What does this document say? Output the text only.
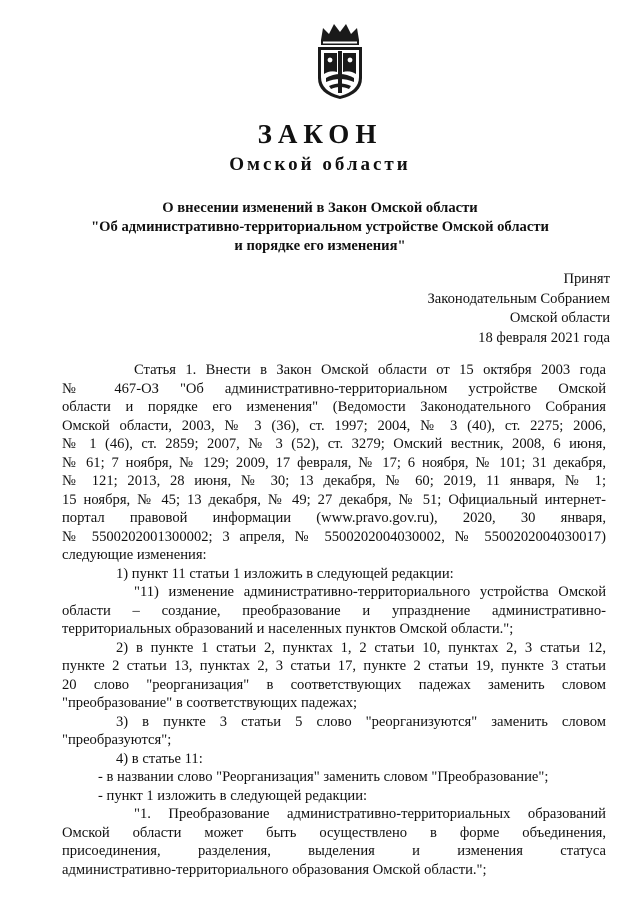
ЗАКОН
Омской области
О внесении изменений в Закон Омской области
"Об административно-территориальном устройстве Омской области
и порядке его изменения"
Принят
Законодательным Собранием
Омской области
18 февраля 2021 года
Статья 1. Внести в Закон Омской области от 15 октября 2003 года
№ 467-ОЗ "Об административно-территориальном устройстве Омской
области и порядке его изменения" (Ведомости Законодательного Собрания
Омской области, 2003, № 3 (36), ст. 1997; 2004, № 3 (40), ст. 2275; 2006,
№ 1 (46), ст. 2859; 2007, № 3 (52), ст. 3279; Омский вестник, 2008, 6 июня,
№ 61; 7 ноября, № 129; 2009, 17 февраля, № 17; 6 ноября, № 101; 31 декабря,
№ 121; 2013, 28 июня, № 30; 13 декабря, № 60; 2019, 11 января, № 1;
15 ноября, № 45; 13 декабря, № 49; 27 декабря, № 51; Официальный интернет-
портал правовой информации (www.pravo.gov.ru), 2020, 30 января,
№ 5500202001300002; 3 апреля, № 5500202004030002, № 5500202004030017)
следующие изменения:
1) пункт 11 статьи 1 изложить в следующей редакции:
"11) изменение административно-территориального устройства Омской
области – создание, преобразование и упразднение административно-
территориальных образований и населенных пунктов Омской области.";
2) в пункте 1 статьи 2, пунктах 1, 2 статьи 10, пунктах 2, 3 статьи 12,
пункте 2 статьи 13, пунктах 2, 3 статьи 17, пункте 2 статьи 19, пункте 3 статьи
20 слово "реорганизация" в соответствующих падежах заменить словом
"преобразование" в соответствующих падежах;
3) в пункте 3 статьи 5 слово "реорганизуются" заменить словом
"преобразуются";
4) в статье 11:
- в названии слово "Реорганизация" заменить словом "Преобразование";
- пункт 1 изложить в следующей редакции:
"1. Преобразование административно-территориальных образований
Омской области может быть осуществлено в форме объединения,
присоединения, разделения, выделения и изменения статуса
административно-территориального образования Омской области.";
